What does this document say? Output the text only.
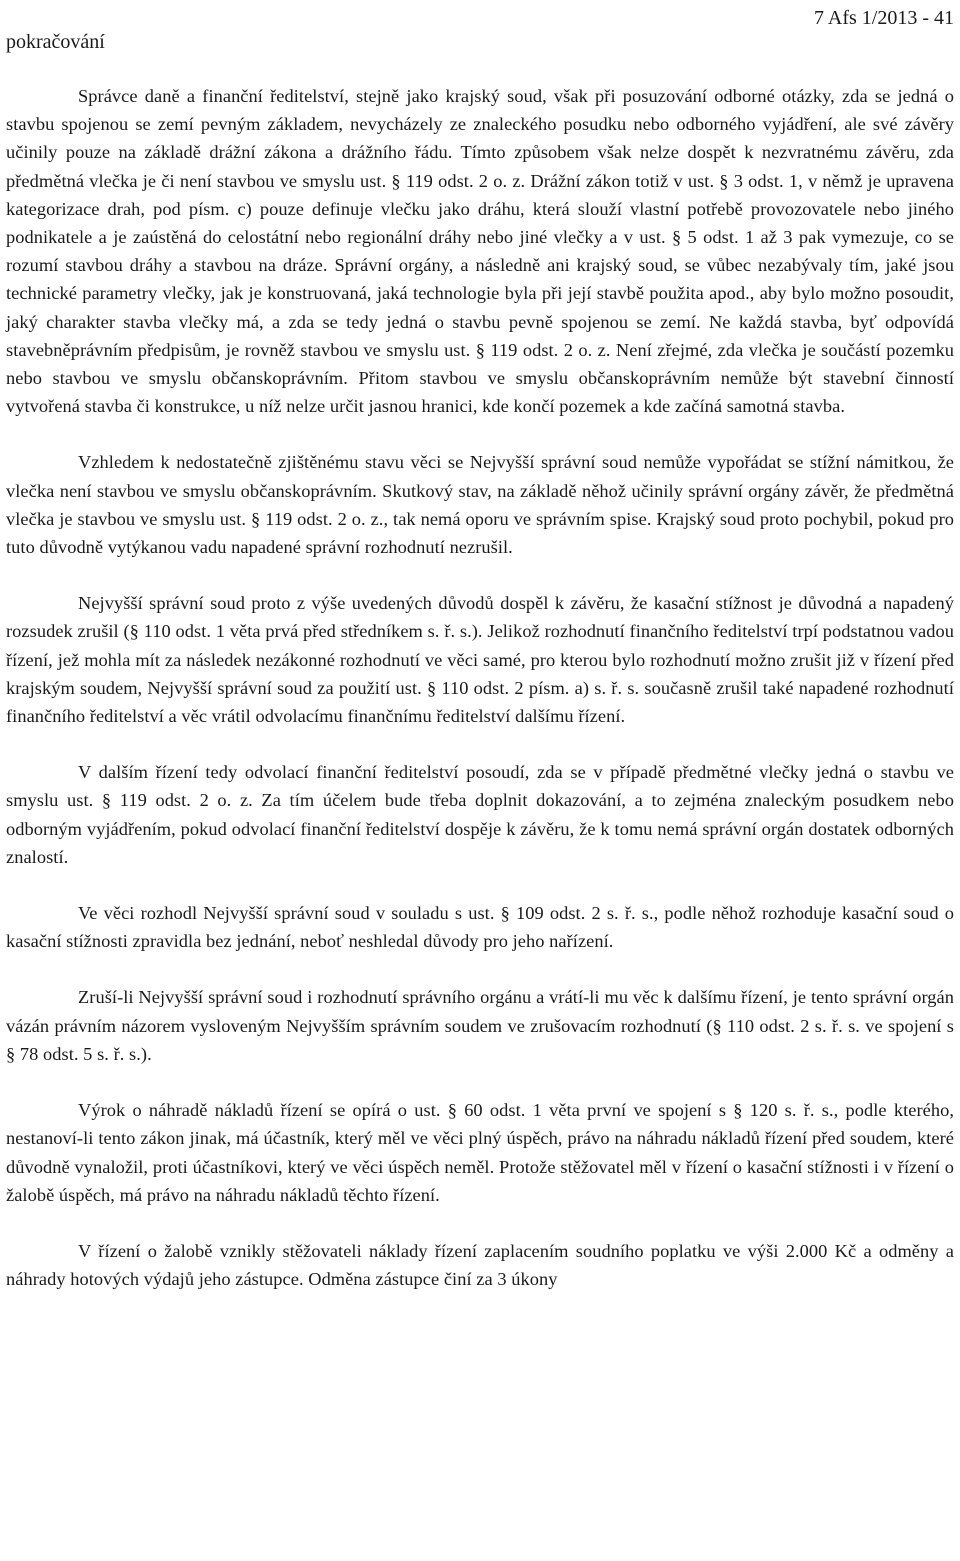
pokračování
7 Afs 1/2013 - 41

Správce daně a finanční ředitelství, stejně jako krajský soud, však při posuzování odborné otázky, zda se jedná o stavbu spojenou se zemí pevným základem, nevycházely ze znaleckého posudku nebo odborného vyjádření, ale své závěry učinily pouze na základě drážní zákona a drážního řádu. Tímto způsobem však nelze dospět k nezvratnému závěru, zda předmětná vlečka je či není stavbou ve smyslu ust. § 119 odst. 2 o. z. Drážní zákon totiž v ust. § 3 odst. 1, v němž je upravena kategorizace drah, pod písm. c) pouze definuje vlečku jako dráhu, která slouží vlastní potřebě provozovatele nebo jiného podnikatele a je zaústěná do celostátní nebo regionální dráhy nebo jiné vlečky a v ust. § 5 odst. 1 až 3 pak vymezuje, co se rozumí stavbou dráhy a stavbou na dráze. Správní orgány, a následně ani krajský soud, se vůbec nezabývaly tím, jaké jsou technické parametry vlečky, jak je konstruovaná, jaká technologie byla při její stavbě použita apod., aby bylo možno posoudit, jaký charakter stavba vlečky má, a zda se tedy jedná o stavbu pevně spojenou se zemí. Ne každá stavba, byť odpovídá stavebněprávním předpisům, je rovněž stavbou ve smyslu ust. § 119 odst. 2 o. z. Není zřejmé, zda vlečka je součástí pozemku nebo stavbou ve smyslu občanskoprávním. Přitom stavbou ve smyslu občanskoprávním nemůže být stavební činností vytvořená stavba či konstrukce, u níž nelze určit jasnou hranici, kde končí pozemek a kde začíná samotná stavba.

Vzhledem k nedostatečně zjištěnému stavu věci se Nejvyšší správní soud nemůže vypořádat se stížní námitkou, že vlečka není stavbou ve smyslu občanskoprávním. Skutkový stav, na základě něhož učinily správní orgány závěr, že předmětná vlečka je stavbou ve smyslu ust. § 119 odst. 2 o. z., tak nemá oporu ve správním spise. Krajský soud proto pochybil, pokud pro tuto důvodně vytýkanou vadu napadené správní rozhodnutí nezrušil.

Nejvyšší správní soud proto z výše uvedených důvodů dospěl k závěru, že kasační stížnost je důvodná a napadený rozsudek zrušil (§ 110 odst. 1 věta prvá před středníkem s. ř. s.). Jelikož rozhodnutí finančního ředitelství trpí podstatnou vadou řízení, jež mohla mít za následek nezákonné rozhodnutí ve věci samé, pro kterou bylo rozhodnutí možno zrušit již v řízení před krajským soudem, Nejvyšší správní soud za použití ust. § 110 odst. 2 písm. a) s. ř. s. současně zrušil také napadené rozhodnutí finančního ředitelství a věc vrátil odvolacímu finančnímu ředitelství dalšímu řízení.

V dalším řízení tedy odvolací finanční ředitelství posoudí, zda se v případě předmětné vlečky jedná o stavbu ve smyslu ust. § 119 odst. 2 o. z. Za tím účelem bude třeba doplnit dokazování, a to zejména znaleckým posudkem nebo odborným vyjádřením, pokud odvolací finanční ředitelství dospěje k závěru, že k tomu nemá správní orgán dostatek odborných znalostí.

Ve věci rozhodl Nejvyšší správní soud v souladu s ust. § 109 odst. 2 s. ř. s., podle něhož rozhoduje kasační soud o kasační stížnosti zpravidla bez jednání, neboť neshledal důvody pro jeho nařízení.

Zruší-li Nejvyšší správní soud i rozhodnutí správního orgánu a vrátí-li mu věc k dalšímu řízení, je tento správní orgán vázán právním názorem vysloveným Nejvyšším správním soudem ve zrušovacím rozhodnutí (§ 110 odst. 2 s. ř. s. ve spojení s § 78 odst. 5 s. ř. s.).

Výrok o náhradě nákladů řízení se opírá o ust. § 60 odst. 1 věta první ve spojení s § 120 s. ř. s., podle kterého, nestanoví-li tento zákon jinak, má účastník, který měl ve věci plný úspěch, právo na náhradu nákladů řízení před soudem, které důvodně vynaložil, proti účastníkovi, který ve věci úspěch neměl. Protože stěžovatel měl v řízení o kasační stížnosti i v řízení o žalobě úspěch, má právo na náhradu nákladů těchto řízení.

V řízení o žalobě vznikly stěžovateli náklady řízení zaplacením soudního poplatku ve výši 2.000 Kč a odměny a náhrady hotových výdajů jeho zástupce. Odměna zástupce činí za 3 úkony
